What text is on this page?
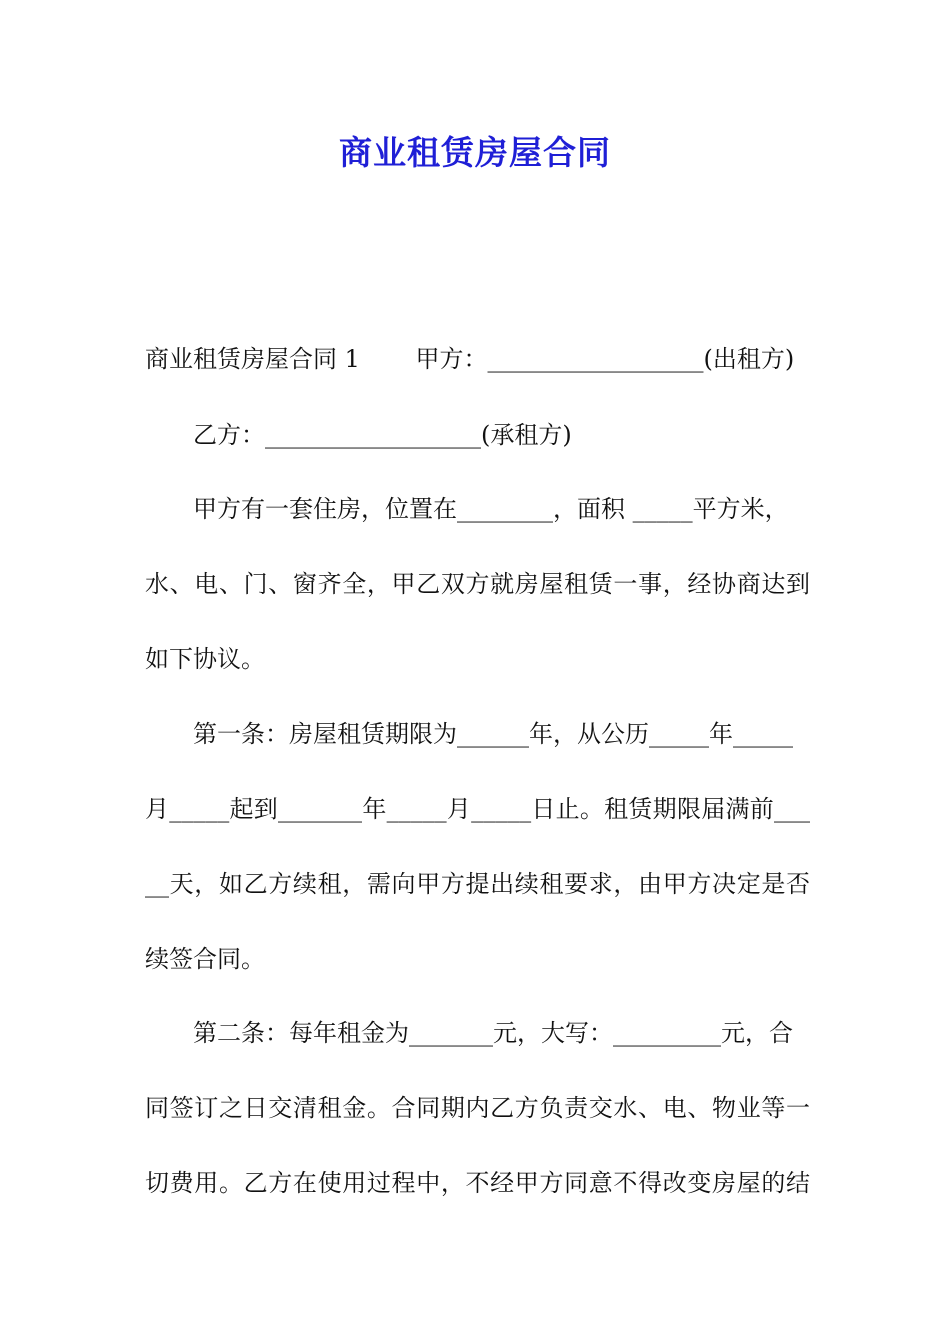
商业租赁房屋合同
商业租赁房屋合同 1　　 甲方：__________________(出租方)
乙方：__________________(承租方)
甲方有一套住房，位置在________，面积 _____平方米，
水、电、门、窗齐全，甲乙双方就房屋租赁一事，经协商达到
如下协议。
第一条：房屋租赁期限为______年，从公历_____年_____
月_____起到_______年_____月_____日止。租赁期限届满前___
__天，如乙方续租，需向甲方提出续租要求，由甲方决定是否
续签合同。
第二条：每年租金为_______元，大写：_________元，合
同签订之日交清租金。合同期内乙方负责交水、电、物业等一
切费用。乙方在使用过程中，不经甲方同意不得改变房屋的结
